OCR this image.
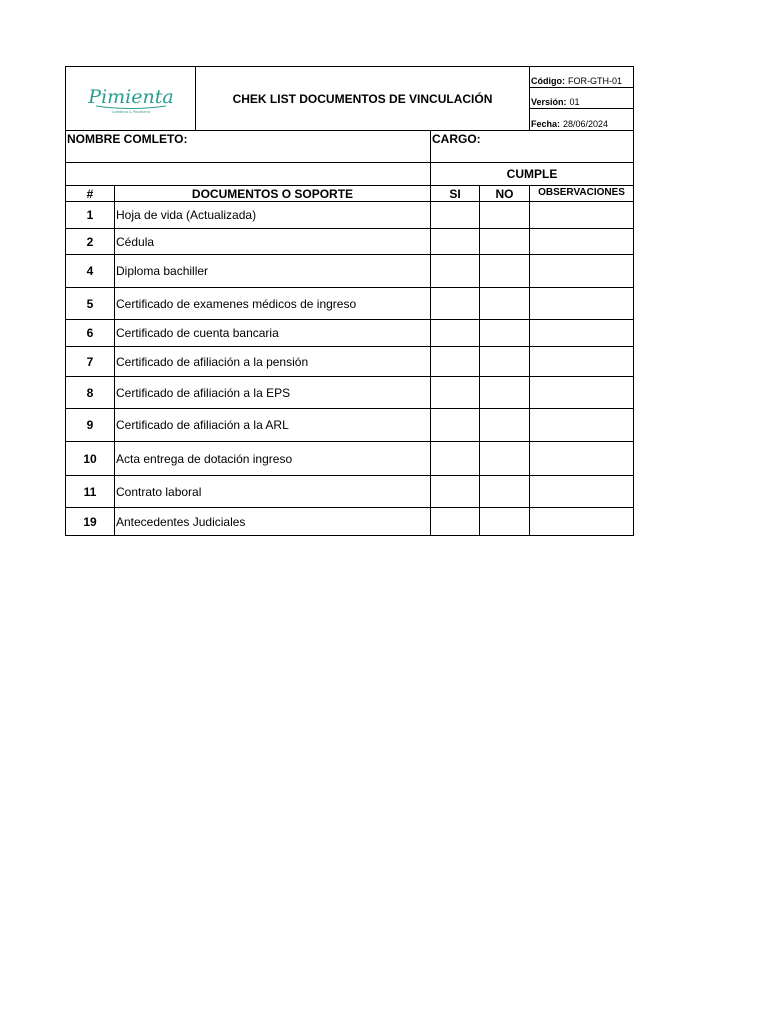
Pimienta
Cafetería & Pastelería
CHEK LIST DOCUMENTOS DE VINCULACIÓN
Código: FOR-GTH-01
Versión: 01
Fecha: 28/06/2024
NOMBRE COMLETO:	CARGO:
CUMPLE
#	DOCUMENTOS O SOPORTE	SI	NO	OBSERVACIONES
1	Hoja de vida (Actualizada)
2	Cédula
4	Diploma bachiller
5	Certificado de examenes médicos de ingreso
6	Certificado de cuenta bancaria
7	Certificado de afiliación a la pensión
8	Certificado de afiliación a la EPS
9	Certificado de afiliación a la ARL
10	Acta entrega de dotación ingreso
11	Contrato laboral
19	Antecedentes Judiciales
